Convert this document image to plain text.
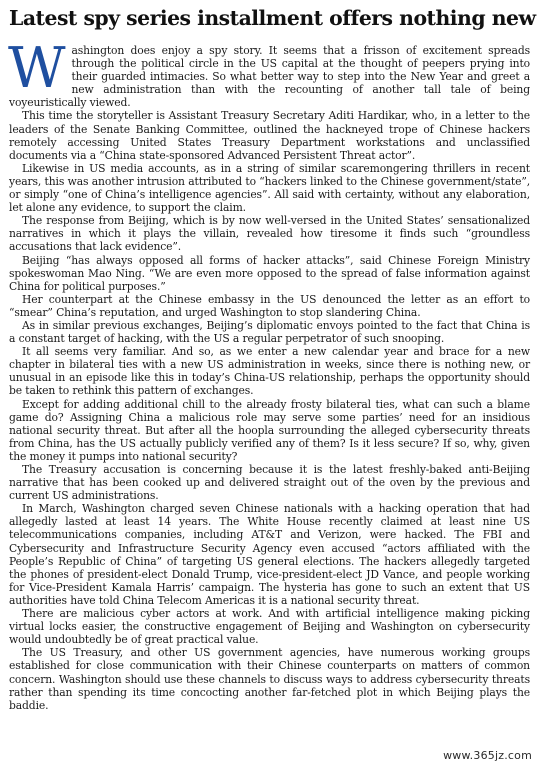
Latest spy series installment offers nothing new

Washington does enjoy a spy story. It seems that a frisson of excitement spreads through the political circle in the US capital at the thought of peepers prying into their guarded intimacies. So what better way to step into the New Year and greet a new administration than with the recounting of another tall tale of being voyeuristically viewed.

This time the storyteller is Assistant Treasury Secretary Aditi Hardikar, who, in a letter to the leaders of the Senate Banking Committee, outlined the hackneyed trope of Chinese hackers remotely accessing United States Treasury Department workstations and unclassified documents via a “China state-sponsored Advanced Persistent Threat actor”.

Likewise in US media accounts, as in a string of similar scaremongering thrillers in recent years, this was another intrusion attributed to “hackers linked to the Chinese government/state”, or simply “one of China’s intelligence agencies”. All said with certainty, without any elaboration, let alone any evidence, to support the claim.

The response from Beijing, which is by now well-versed in the United States’ sensationalized narratives in which it plays the villain, revealed how tiresome it finds such “groundless accusations that lack evidence”.

Beijing “has always opposed all forms of hacker attacks”, said Chinese Foreign Ministry spokeswoman Mao Ning. “We are even more opposed to the spread of false information against China for political purposes.”

Her counterpart at the Chinese embassy in the US denounced the letter as an effort to “smear” China’s reputation, and urged Washington to stop slandering China.

As in similar previous exchanges, Beijing’s diplomatic envoys pointed to the fact that China is a constant target of hacking, with the US a regular perpetrator of such snooping.

It all seems very familiar. And so, as we enter a new calendar year and brace for a new chapter in bilateral ties with a new US administration in weeks, since there is nothing new, or unusual in an episode like this in today’s China-US relationship, perhaps the opportunity should be taken to rethink this pattern of exchanges.

Except for adding additional chill to the already frosty bilateral ties, what can such a blame game do? Assigning China a malicious role may serve some parties’ need for an insidious national security threat. But after all the hoopla surrounding the alleged cybersecurity threats from China, has the US actually publicly verified any of them? Is it less secure? If so, why, given the money it pumps into national security?

The Treasury accusation is concerning because it is the latest freshly-baked anti-Beijing narrative that has been cooked up and delivered straight out of the oven by the previous and current US administrations.

In March, Washington charged seven Chinese nationals with a hacking operation that had allegedly lasted at least 14 years. The White House recently claimed at least nine US telecommunications companies, including AT&T and Verizon, were hacked. The FBI and Cybersecurity and Infrastructure Security Agency even accused “actors affiliated with the People’s Republic of China” of targeting US general elections. The hackers allegedly targeted the phones of president-elect Donald Trump, vice-president-elect JD Vance, and people working for Vice-President Kamala Harris’ campaign. The hysteria has gone to such an extent that US authorities have told China Telecom Americas it is a national security threat.

There are malicious cyber actors at work. And with artificial intelligence making picking virtual locks easier, the constructive engagement of Beijing and Washington on cybersecurity would undoubtedly be of great practical value.

The US Treasury, and other US government agencies, have numerous working groups established for close communication with their Chinese counterparts on matters of common concern. Washington should use these channels to discuss ways to address cybersecurity threats rather than spending its time concocting another far-fetched plot in which Beijing plays the baddie.

www.365jz.com
